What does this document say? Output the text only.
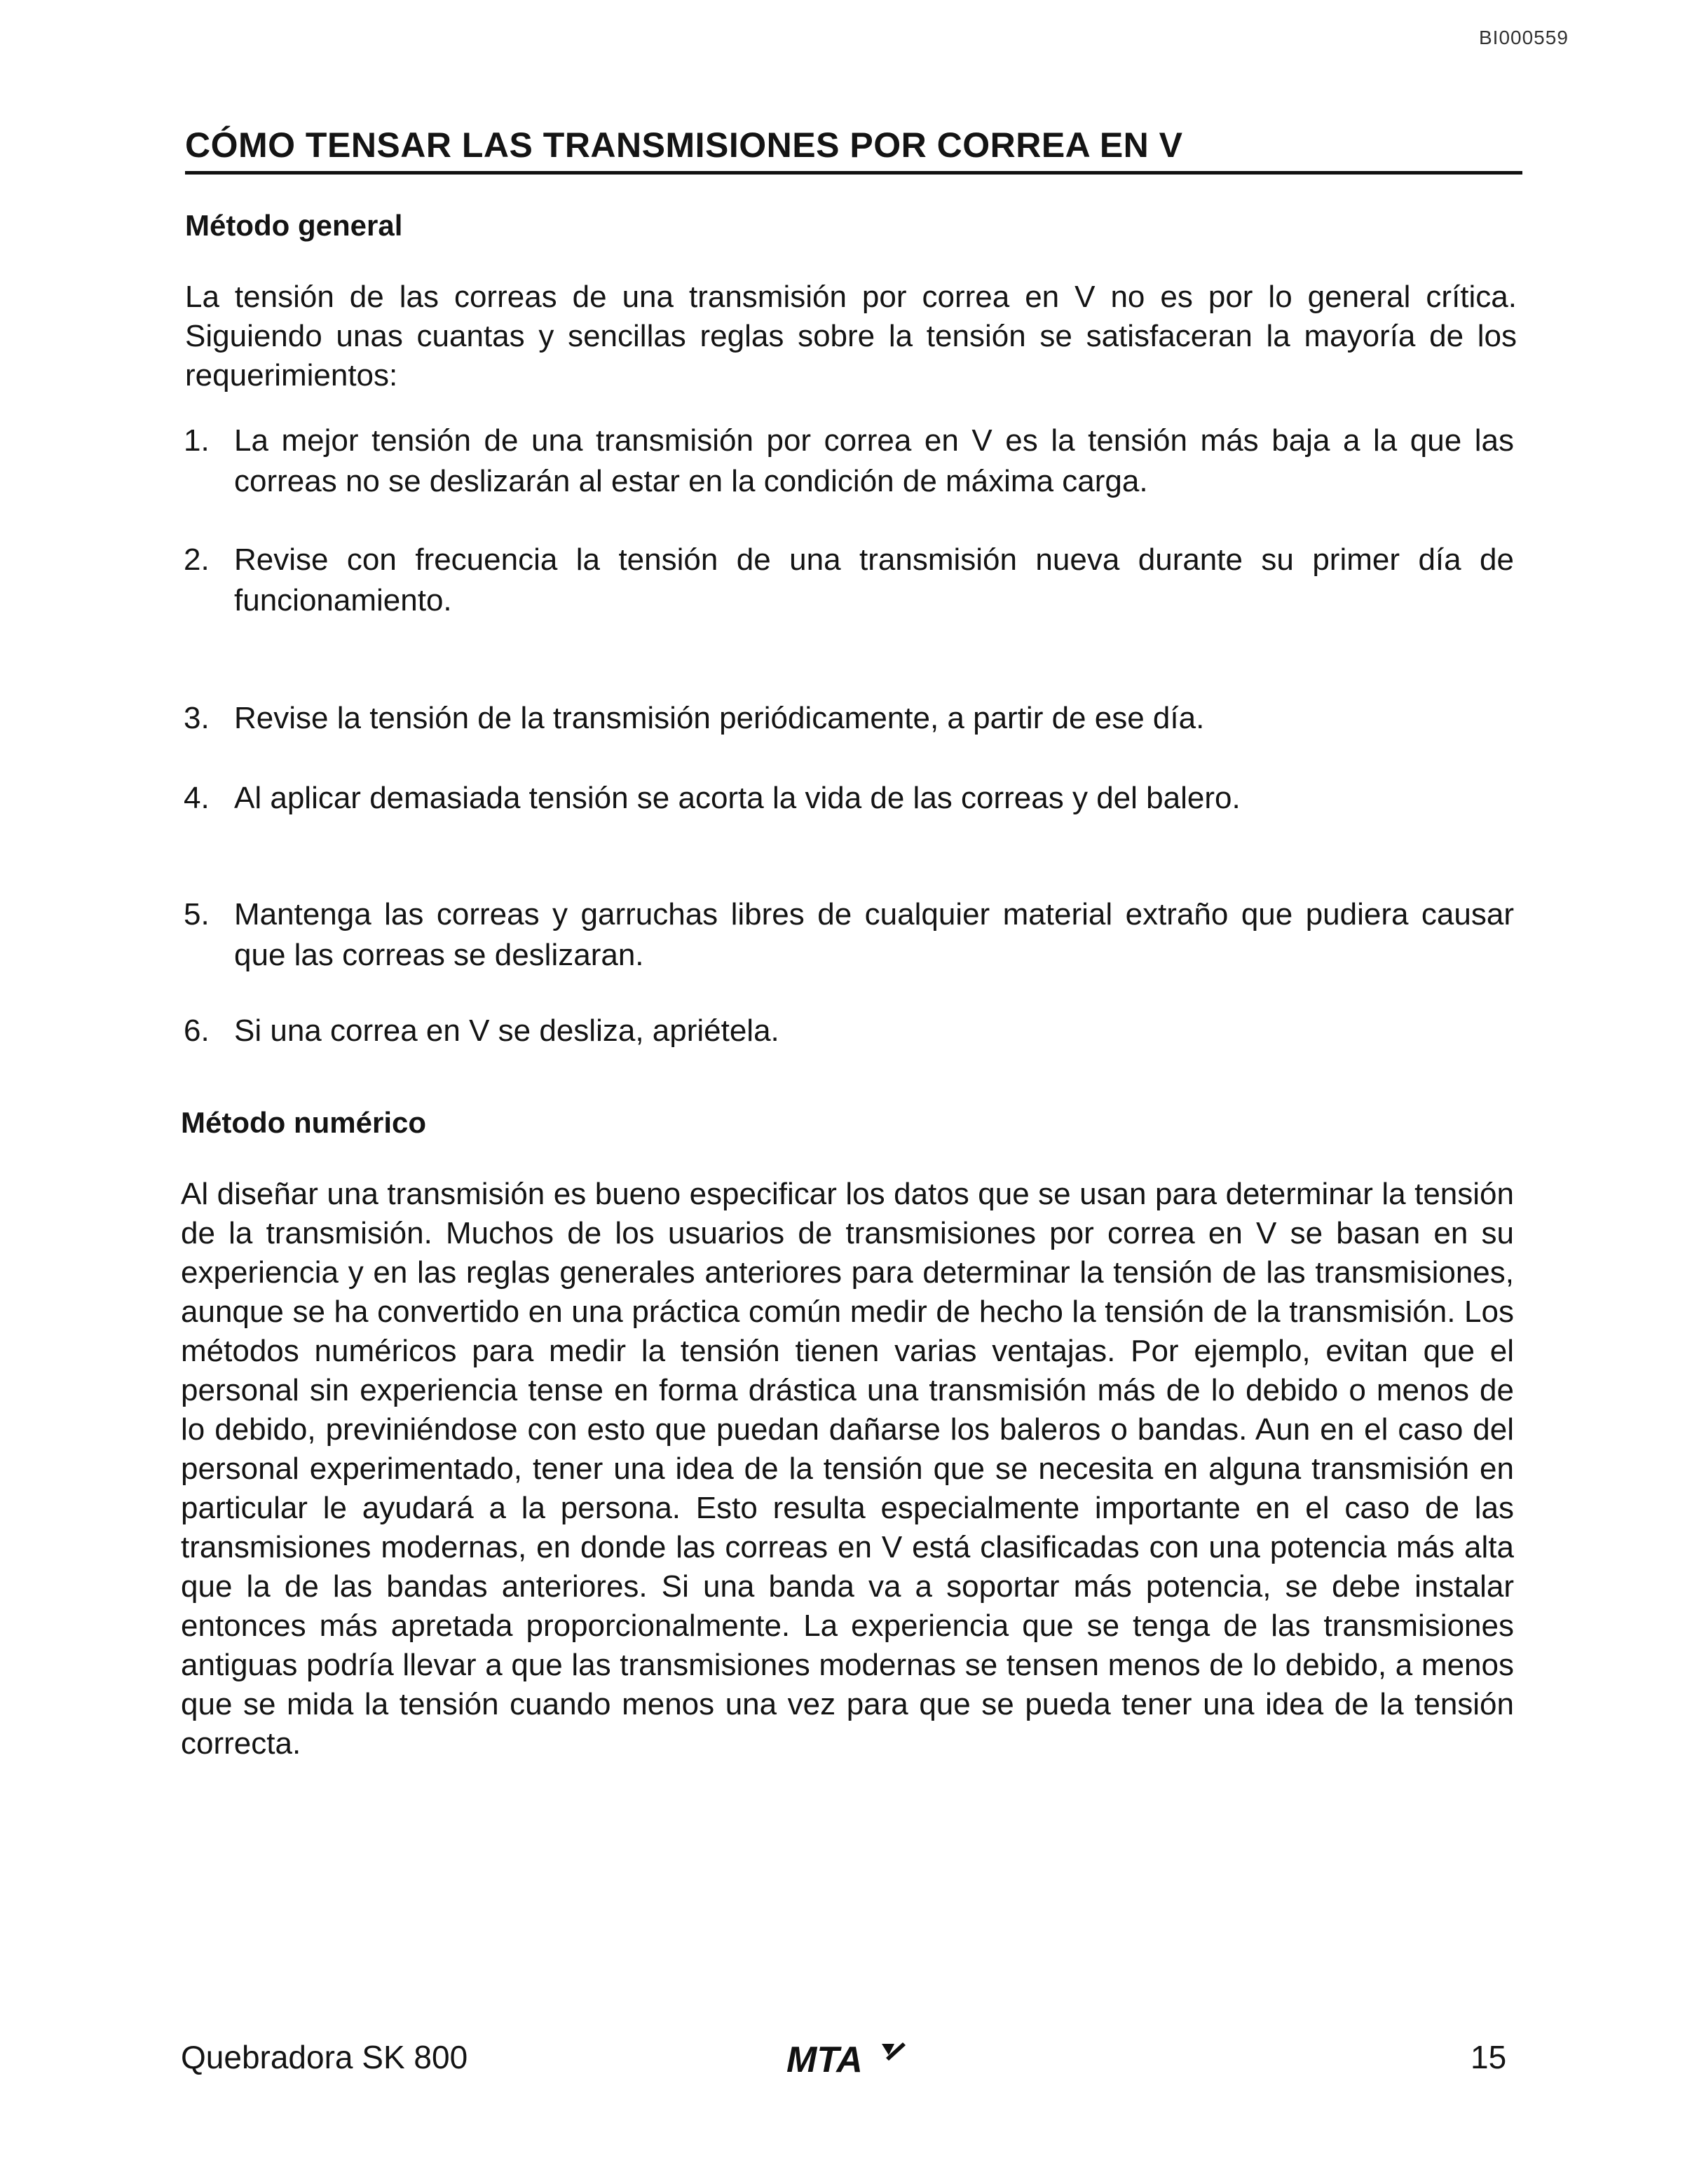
BI000559
CÓMO TENSAR LAS TRANSMISIONES POR CORREA EN V
Método general

La tensión de las correas de una transmisión por correa en V no es por lo general crítica. Siguiendo unas cuantas y sencillas reglas sobre la tensión se satisfaceran la mayoría de los requerimientos:

1. La mejor tensión de una transmisión por correa en V es la tensión más baja a la que las correas no se deslizarán al estar en la condición de máxima carga.
2. Revise con frecuencia la tensión de una transmisión nueva durante su primer día de funcionamiento.
3. Revise la tensión de la transmisión periódicamente, a partir de ese día.
4. Al aplicar demasiada tensión se acorta la vida de las correas y del balero.
5. Mantenga las correas y garruchas libres de cualquier material extraño que pudiera causar que las correas se deslizaran.
6. Si una correa en V se desliza, apriétela.
Método numérico

Al diseñar una transmisión es bueno especificar los datos que se usan para determinar la tensión de la transmisión. Muchos de los usuarios de transmisiones por correa en V se basan en su experiencia y en las reglas generales anteriores para determinar la tensión de las transmisiones, aunque se ha convertido en una práctica común medir de hecho la tensión de la transmisión. Los métodos numéricos para medir la tensión tienen varias ventajas. Por ejemplo, evitan que el personal sin experiencia tense en forma drástica una transmisión más de lo debido o menos de lo debido, previniéndose con esto que puedan dañarse los baleros o bandas. Aun en el caso del personal experimentado, tener una idea de la tensión que se necesita en alguna transmisión en particular le ayudará a la persona. Esto resulta especialmente importante en el caso de las transmisiones modernas, en donde las correas en V está clasificadas con una potencia más alta que la de las bandas anteriores. Si una banda va a soportar más potencia, se debe instalar entonces más apretada proporcionalmente. La experiencia que se tenga de las transmisiones antiguas podría llevar a que las transmisiones modernas se tensen menos de lo debido, a menos que se mida la tensión cuando menos una vez para que se pueda tener una idea de la tensión correcta.

Quebradora SK 800	MTA	15
